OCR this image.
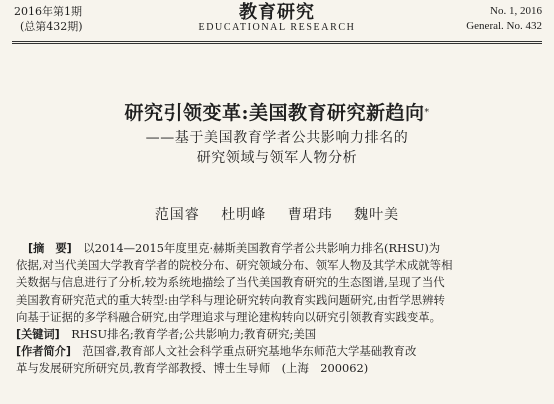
2016年第1期

(总第432期)
教育研究
EDUCATIONAL RESEARCH
No. 1, 2016
General. No. 432
研究引领变革:美国教育研究新趋向*
——基于美国教育学者公共影响力排名的
研究领域与领军人物分析
范国睿 杜明峰 曹珺玮 魏叶美

[摘　要]　 以2014—2015年度里克·赫斯美国教育学者公共影响力排名(RHSU)为

依据,对当代美国大学教育学者的院校分布、研究领域分布、领军人物及其学术成就等相

关数据与信息进行了分析,较为系统地描绘了当代美国教育研究的生态图谱,呈现了当代

美国教育研究范式的重大转型:由学科与理论研究转向教育实践问题研究,由哲学思辨转

向基于证据的多学科融合研究,由学理追求与理论建构转向以研究引领教育实践变革。

[关键词]　 RHSU排名;教育学者;公共影响力;教育研究;美国

[作者简介]　 范国睿,教育部人文社会科学重点研究基地华东师范大学基础教育改

革与发展研究所研究员,教育学部教授、博士生导师　(上海　200062)
